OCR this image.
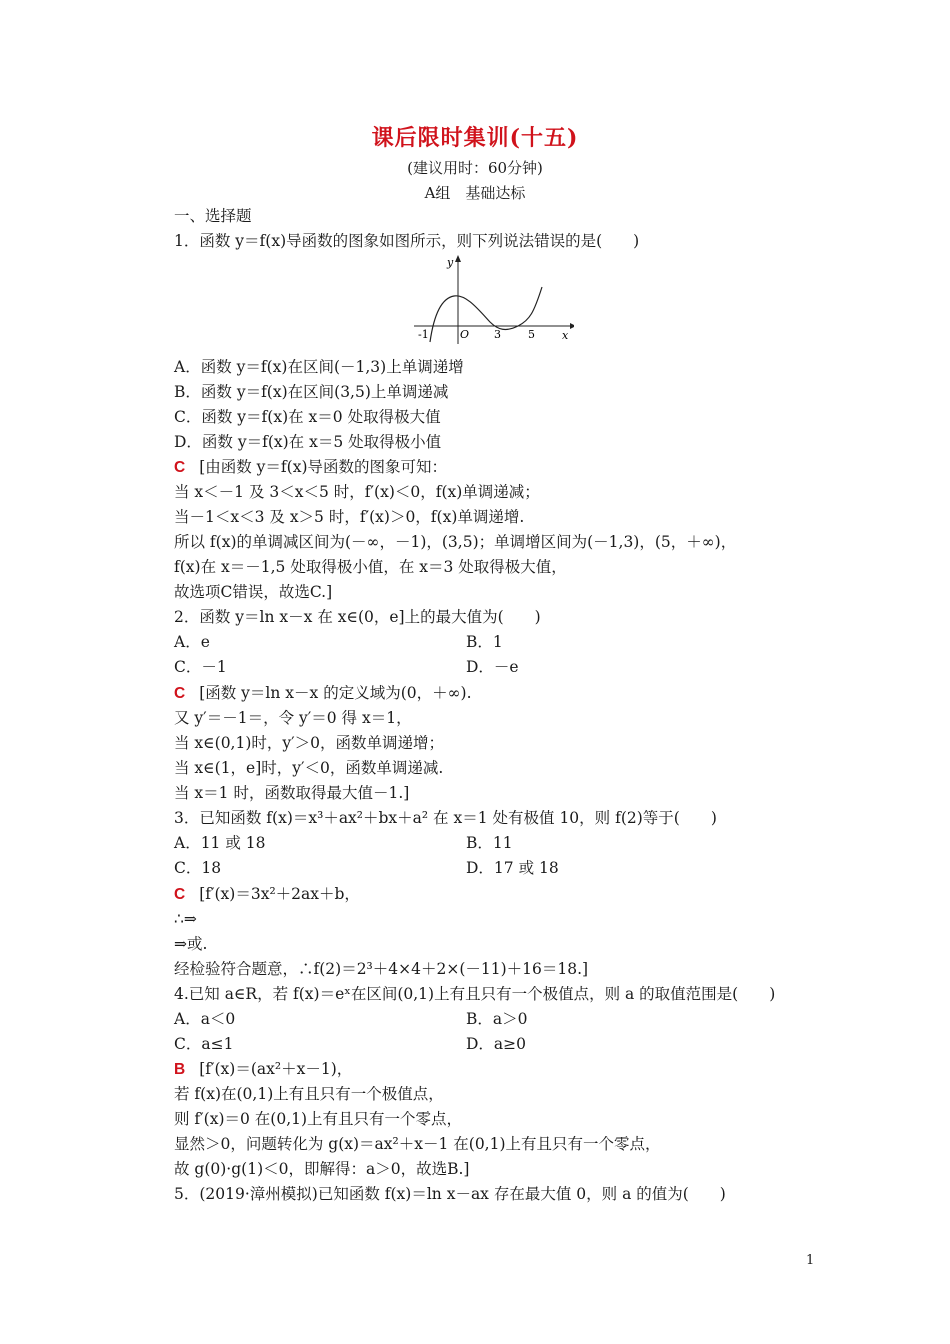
课后限时集训(十五)
(建议用时：60分钟)
A组　基础达标
一、选择题
1．函数 y＝f(x)导函数的图象如图所示，则下列说法错误的是(　　)
y
x
O
-1	3 5
A．函数 y＝f(x)在区间(－1,3)上单调递增
B．函数 y＝f(x)在区间(3,5)上单调递减
C．函数 y＝f(x)在 x＝0 处取得极大值
D．函数 y＝f(x)在 x＝5 处取得极小值
C [由函数 y＝f(x)导函数的图象可知：
当 x＜－1 及 3＜x＜5 时，f′(x)＜0，f(x)单调递减；
当－1＜x＜3 及 x＞5 时，f′(x)＞0，f(x)单调递增.
所以 f(x)的单调减区间为(－∞，－1)，(3,5)；单调增区间为(－1,3)，(5，＋∞)，
f(x)在 x＝－1,5 处取得极小值，在 x＝3 处取得极大值，
故选项C错误，故选C.]
2．函数 y＝ln x－x 在 x∈(0，e]上的最大值为(　　)
A．e	B．1
C．－1	D．－e
C [函数 y＝ln x－x 的定义域为(0，＋∞).
又 y′＝－1＝，令 y′＝0 得 x＝1，
当 x∈(0,1)时，y′＞0，函数单调递增；
当 x∈(1，e]时，y′＜0，函数单调递减.
当 x＝1 时，函数取得最大值－1.]
3．已知函数 f(x)＝x³＋ax²＋bx＋a² 在 x＝1 处有极值 10，则 f(2)等于(　　)
A．11 或 18	B．11
C．18	D．17 或 18
C [f′(x)＝3x²＋2ax＋b，
∴⇒
⇒或.
经检验符合题意，∴f(2)＝2³＋4×4＋2×(－11)＋16＝18.]
4.已知 a∈R，若 f(x)＝eˣ在区间(0,1)上有且只有一个极值点，则 a 的取值范围是(　　)
A．a＜0	B．a＞0
C．a≤1	D．a≥0
B [f′(x)＝(ax²＋x－1)，
若 f(x)在(0,1)上有且只有一个极值点，
则 f′(x)＝0 在(0,1)上有且只有一个零点，
显然＞0，问题转化为 g(x)＝ax²＋x－1 在(0,1)上有且只有一个零点，
故 g(0)·g(1)＜0，即解得：a＞0，故选B.]
5．(2019·漳州模拟)已知函数 f(x)＝ln x－ax 存在最大值 0，则 a 的值为(　　)
1
